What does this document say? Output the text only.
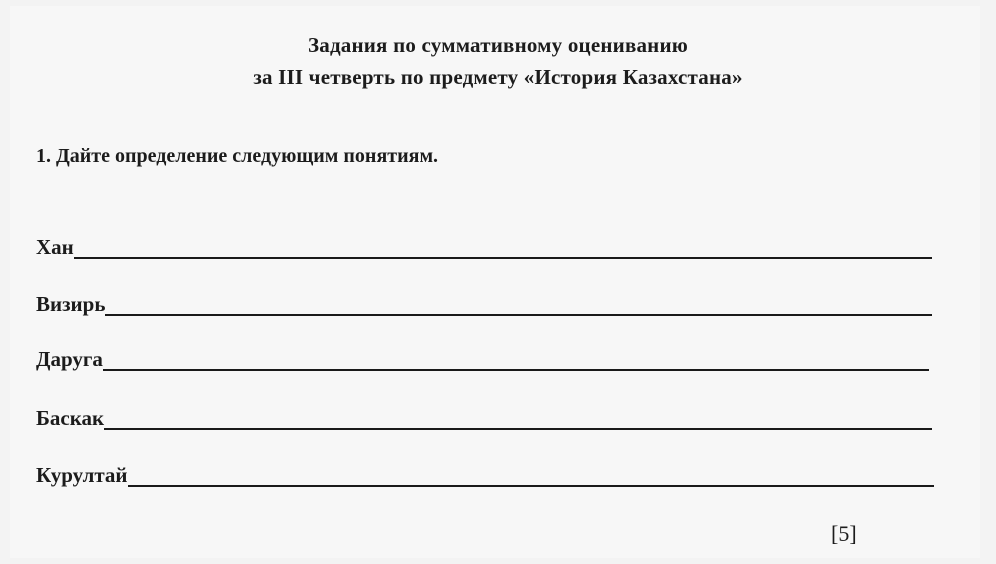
Задания по суммативному оцениванию
за III четверть по предмету «История Казахстана»
1. Дайте определение следующим понятиям.
Хан
Визирь
Даруга
Баскак
Курултай
[5]
